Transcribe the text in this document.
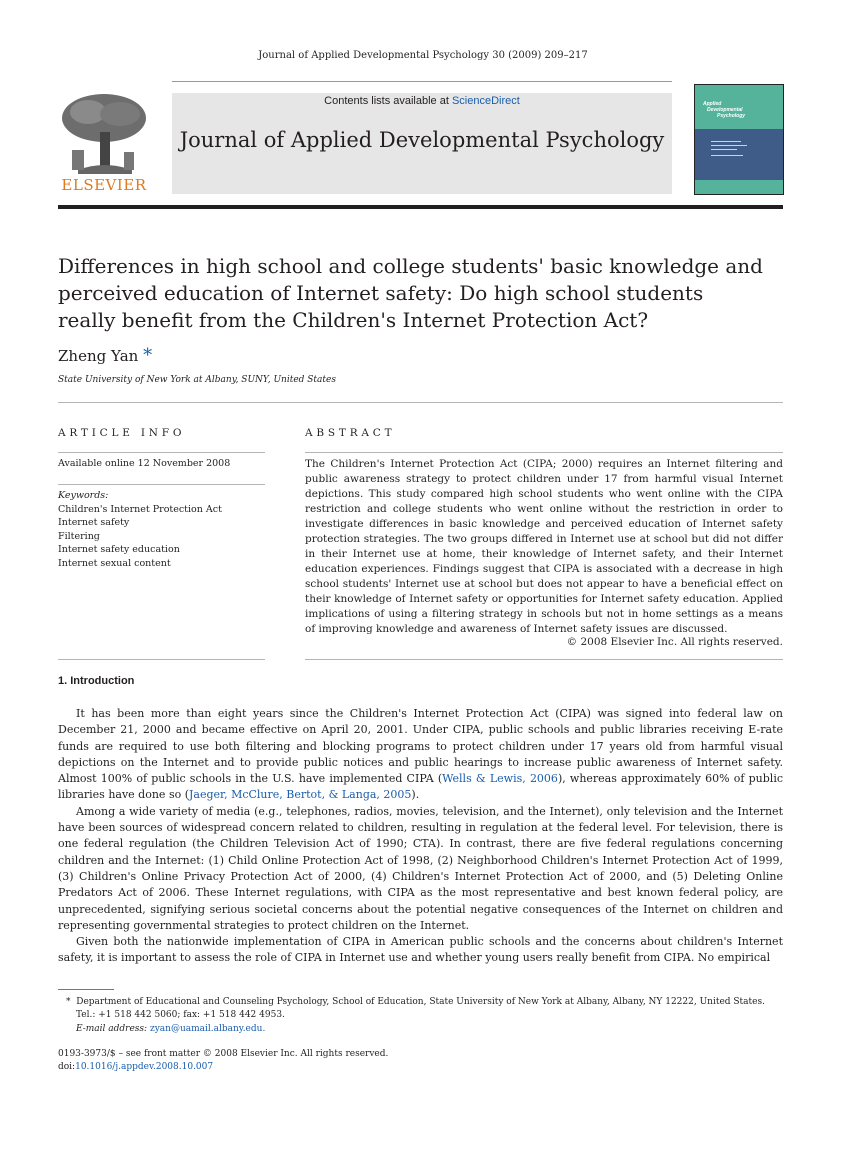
Journal of Applied Developmental Psychology 30 (2009) 209–217
ELSEVIER
Contents lists available at ScienceDirect
Journal of Applied Developmental Psychology
Applied
Developmental
Psychology
Differences in high school and college students' basic knowledge and
perceived education of Internet safety: Do high school students
really benefit from the Children's Internet Protection Act?
Zheng Yan *
State University of New York at Albany, SUNY, United States
ARTICLE INFO
Available online 12 November 2008
Keywords:
Children's Internet Protection Act
Internet safety
Filtering
Internet safety education
Internet sexual content
ABSTRACT
The Children's Internet Protection Act (CIPA; 2000) requires an Internet filtering and public awareness strategy to protect children under 17 from harmful visual Internet depictions. This study compared high school students who went online with the CIPA restriction and college students who went online without the restriction in order to investigate differences in basic knowledge and perceived education of Internet safety protection strategies. The two groups differed in Internet use at school but did not differ in their Internet use at home, their knowledge of Internet safety, and their Internet education experiences. Findings suggest that CIPA is associated with a decrease in high school students' Internet use at school but does not appear to have a beneficial effect on their knowledge of Internet safety or opportunities for Internet safety education. Applied implications of using a filtering strategy in schools but not in home settings as a means of improving knowledge and awareness of Internet safety issues are discussed.
© 2008 Elsevier Inc. All rights reserved.
1. Introduction

It has been more than eight years since the Children's Internet Protection Act (CIPA) was signed into federal law on December 21, 2000 and became effective on April 20, 2001. Under CIPA, public schools and public libraries receiving E-rate funds are required to use both filtering and blocking programs to protect children under 17 years old from harmful visual depictions on the Internet and to provide public notices and public hearings to increase public awareness of Internet safety. Almost 100% of public schools in the U.S. have implemented CIPA (Wells & Lewis, 2006), whereas approximately 60% of public libraries have done so (Jaeger, McClure, Bertot, & Langa, 2005).

Among a wide variety of media (e.g., telephones, radios, movies, television, and the Internet), only television and the Internet have been sources of widespread concern related to children, resulting in regulation at the federal level. For television, there is one federal regulation (the Children Television Act of 1990; CTA). In contrast, there are five federal regulations concerning children and the Internet: (1) Child Online Protection Act of 1998, (2) Neighborhood Children's Internet Protection Act of 1999, (3) Children's Online Privacy Protection Act of 2000, (4) Children's Internet Protection Act of 2000, and (5) Deleting Online Predators Act of 2006. These Internet regulations, with CIPA as the most representative and best known federal policy, are unprecedented, signifying serious societal concerns about the potential negative consequences of the Internet on children and representing governmental strategies to protect children on the Internet.

Given both the nationwide implementation of CIPA in American public schools and the concerns about children's Internet safety, it is important to assess the role of CIPA in Internet use and whether young users really benefit from CIPA. No empirical

* Department of Educational and Counseling Psychology, School of Education, State University of New York at Albany, Albany, NY 12222, United States. Tel.: +1 518 442 5060; fax: +1 518 442 4953.
E-mail address: zyan@uamail.albany.edu.
0193-3973/$ – see front matter © 2008 Elsevier Inc. All rights reserved.
doi:10.1016/j.appdev.2008.10.007
